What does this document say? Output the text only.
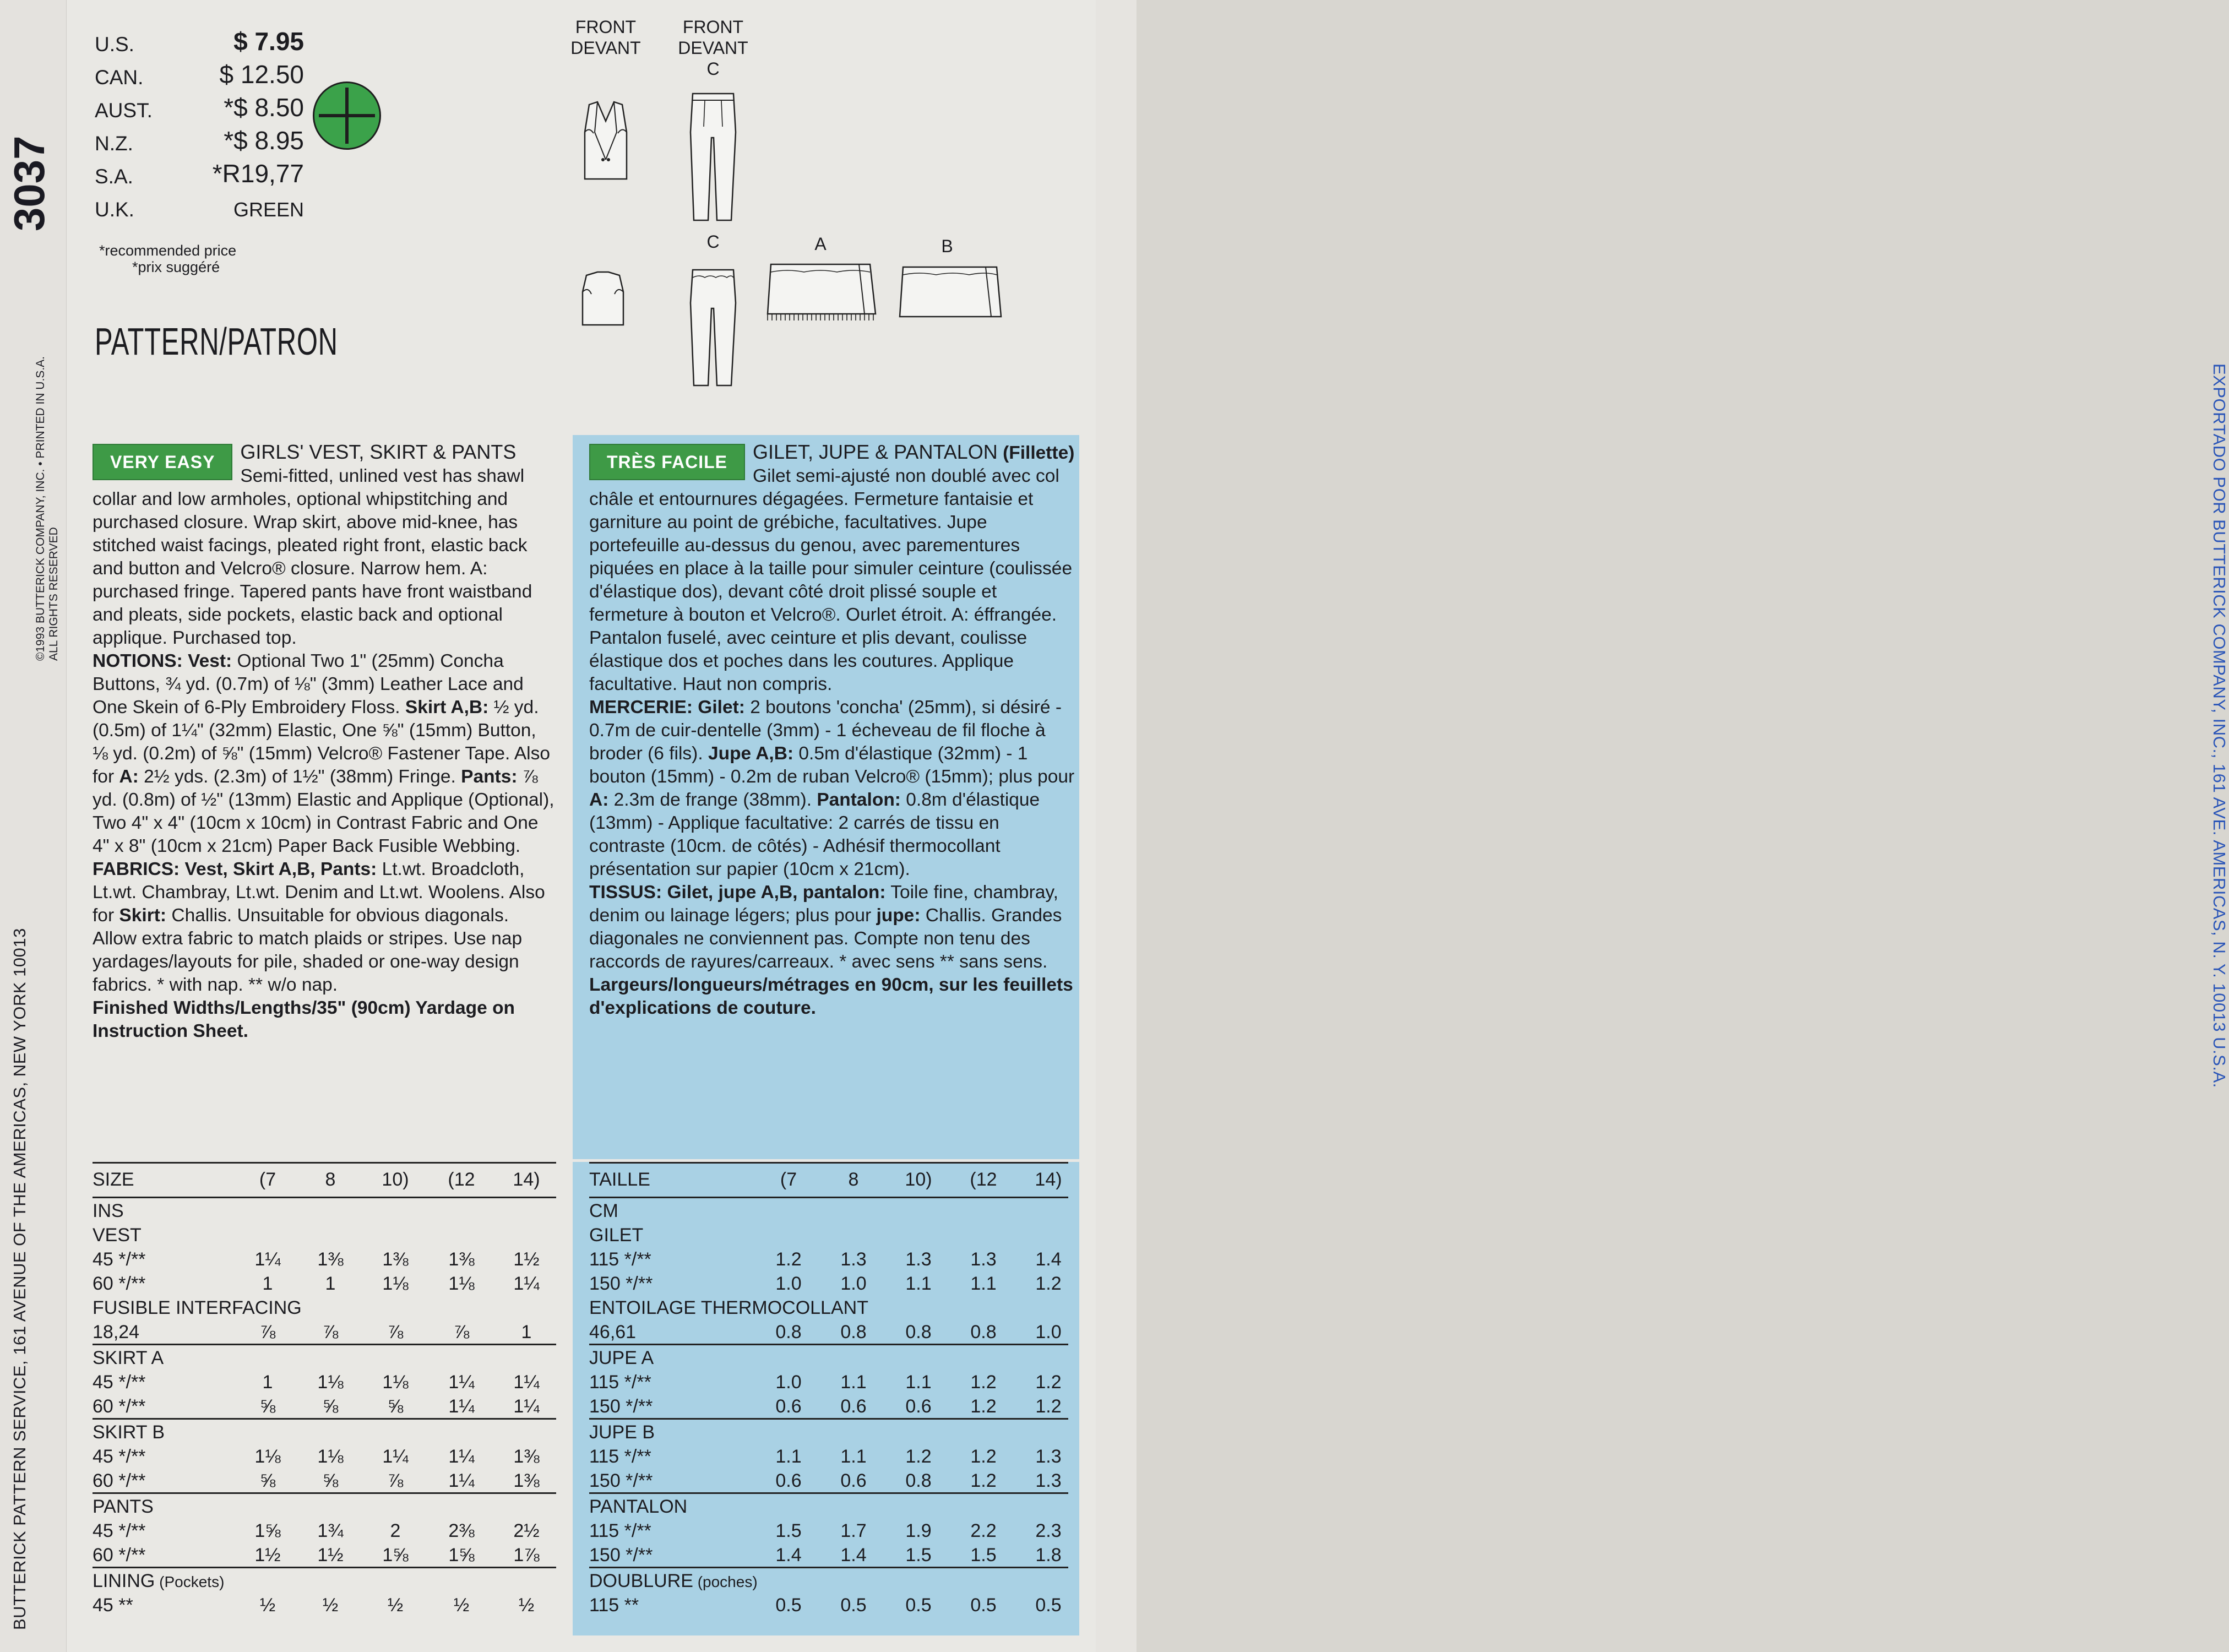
3037
BUTTERICK PATTERN SERVICE, 161 AVENUE OF THE AMERICAS, NEW YORK 10013
©1993 BUTTERICK COMPANY, INC. • PRINTED IN U.S.A. ALL RIGHTS RESERVED	EXPORTADO POR BUTTERICK COMPANY, INC., 161 AVE. AMERICAS, N. Y. 10013 U.S.A.
U.S.	$ 7.95
CAN.	$ 12.50
AUST.	*$ 8.50
N.Z.	*$ 8.95
S.A.	*R19,77
U.K.	GREEN
*recommended price
*prix suggéré
PATTERN/PATRON
FRONT
DEVANT
FRONT
DEVANT
C
C	A	B
VERY EASY	GIRLS' VEST, SKIRT & PANTS Semi-fitted, unlined vest has shawl collar and low armholes, optional whipstitching and purchased closure. Wrap skirt, above mid-knee, has stitched waist facings, pleated right front, elastic back and button and Velcro® closure. Narrow hem. A: purchased fringe. Tapered pants have front waistband and pleats, side pockets, elastic back and optional applique. Purchased top.
NOTIONS: Vest: Optional Two 1" (25mm) Concha Buttons, ¾ yd. (0.7m) of ⅛" (3mm) Leather Lace and One Skein of 6-Ply Embroidery Floss. Skirt A,B: ½ yd. (0.5m) of 1¼" (32mm) Elastic, One ⅝" (15mm) Button, ⅛ yd. (0.2m) of ⅝" (15mm) Velcro® Fastener Tape. Also for A: 2½ yds. (2.3m) of 1½" (38mm) Fringe. Pants: ⅞ yd. (0.8m) of ½" (13mm) Elastic and Applique (Optional), Two 4" x 4" (10cm x 10cm) in Contrast Fabric and One 4" x 8" (10cm x 21cm) Paper Back Fusible Webbing.
FABRICS: Vest, Skirt A,B, Pants: Lt.wt. Broadcloth, Lt.wt. Chambray, Lt.wt. Denim and Lt.wt. Woolens. Also for Skirt: Challis. Unsuitable for obvious diagonals. Allow extra fabric to match plaids or stripes. Use nap yardages/layouts for pile, shaded or one-way design fabrics. * with nap. ** w/o nap.
Finished Widths/Lengths/35" (90cm) Yardage on Instruction Sheet.
TRÈS FACILE	GILET, JUPE & PANTALON (Fillette) Gilet semi-ajusté non doublé avec col châle et entournures dégagées. Fermeture fantaisie et garniture au point de grébiche, facultatives. Jupe portefeuille au-dessus du genou, avec parementures piquées en place à la taille pour simuler ceinture (coulissée d'élastique dos), devant côté droit plissé souple et fermeture à bouton et Velcro®. Ourlet étroit. A: éffrangée. Pantalon fuselé, avec ceinture et plis devant, coulisse élastique dos et poches dans les coutures. Applique facultative. Haut non compris.
MERCERIE: Gilet: 2 boutons 'concha' (25mm), si désiré - 0.7m de cuir-dentelle (3mm) - 1 écheveau de fil floche à broder (6 fils). Jupe A,B: 0.5m d'élastique (32mm) - 1 bouton (15mm) - 0.2m de ruban Velcro® (15mm); plus pour A: 2.3m de frange (38mm). Pantalon: 0.8m d'élastique (13mm) - Applique facultative: 2 carrés de tissu en contraste (10cm. de côtés) - Adhésif thermocollant présentation sur papier (10cm x 21cm).
TISSUS: Gilet, jupe A,B, pantalon: Toile fine, chambray, denim ou lainage légers; plus pour jupe: Challis. Grandes diagonales ne conviennent pas. Compte non tenu des raccords de rayures/carreaux. * avec sens ** sans sens.
Largeurs/longueurs/métrages en 90cm, sur les feuillets d'explications de couture.
SIZE	(7	8	10)	(12	14)
INS
VEST
45 */**	1¼	1⅜	1⅜	1⅜	1½
60 */**	1	1	1⅛	1⅛	1¼
FUSIBLE INTERFACING
18,24	⅞	⅞	⅞	⅞	1
SKIRT A
45 */**	1	1⅛	1⅛	1¼	1¼
60 */**	⅝	⅝	⅝	1¼	1¼
SKIRT B
45 */**	1⅛	1⅛	1¼	1¼	1⅜
60 */**	⅝	⅝	⅞	1¼	1⅜
PANTS
45 */**	1⅝	1¾	2	2⅜	2½
60 */**	1½	1½	1⅝	1⅝	1⅞
LINING (Pockets)
45 **	½	½	½	½	½
TAILLE	(7	8	10)	(12	14)
CM
GILET
115 */**	1.2	1.3	1.3	1.3	1.4
150 */**	1.0	1.0	1.1	1.1	1.2
ENTOILAGE THERMOCOLLANT
46,61	0.8	0.8	0.8	0.8	1.0
JUPE A
115 */**	1.0	1.1	1.1	1.2	1.2
150 */**	0.6	0.6	0.6	1.2	1.2
JUPE B
115 */**	1.1	1.1	1.2	1.2	1.3
150 */**	0.6	0.6	0.8	1.2	1.3
PANTALON
115 */**	1.5	1.7	1.9	2.2	2.3
150 */**	1.4	1.4	1.5	1.5	1.8
DOUBLURE (poches)
115 **	0.5	0.5	0.5	0.5	0.5
